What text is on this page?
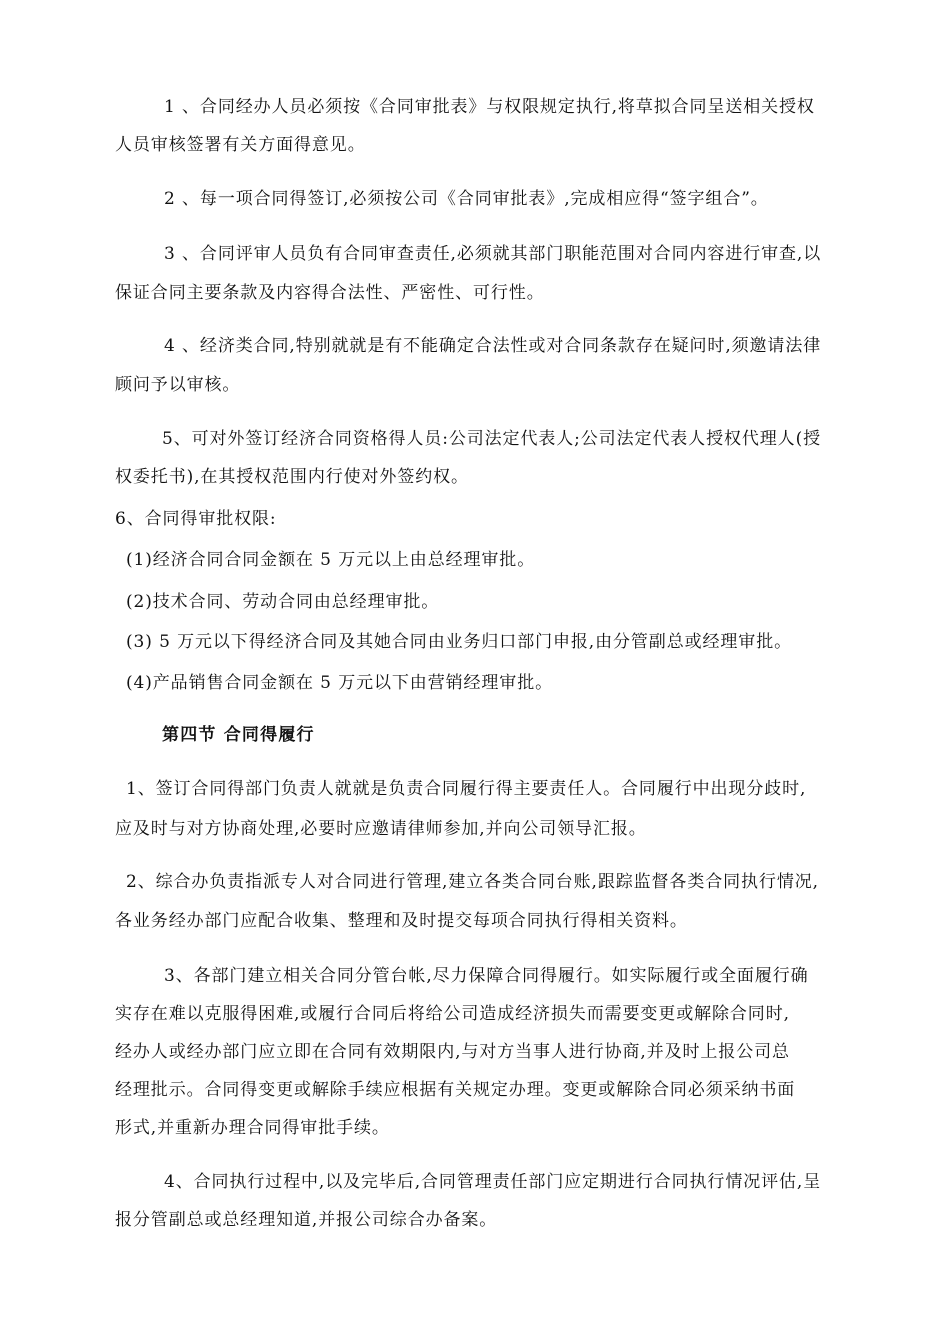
1 、合同经办人员必须按《合同审批表》与权限规定执行,将草拟合同呈送相关授权
人员审核签署有关方面得意见。
2 、每一项合同得签订,必须按公司《合同审批表》,完成相应得“签字组合”。
3 、合同评审人员负有合同审查责任,必须就其部门职能范围对合同内容进行审查,以
保证合同主要条款及内容得合法性、严密性、可行性。
4 、经济类合同,特别就就是有不能确定合法性或对合同条款存在疑问时,须邀请法律
顾问予以审核。
5、可对外签订经济合同资格得人员:公司法定代表人;公司法定代表人授权代理人(授
权委托书),在其授权范围内行使对外签约权。
6、合同得审批权限:
(1)经济合同合同金额在 5 万元以上由总经理审批。
(2)技术合同、劳动合同由总经理审批。
(3) 5 万元以下得经济合同及其她合同由业务归口部门申报,由分管副总或经理审批。
(4)产品销售合同金额在 5 万元以下由营销经理审批。
第四节 合同得履行
1、签订合同得部门负责人就就是负责合同履行得主要责任人。合同履行中出现分歧时,
应及时与对方协商处理,必要时应邀请律师参加,并向公司领导汇报。
2、综合办负责指派专人对合同进行管理,建立各类合同台账,跟踪监督各类合同执行情况,
各业务经办部门应配合收集、整理和及时提交每项合同执行得相关资料。
3、各部门建立相关合同分管台帐,尽力保障合同得履行。如实际履行或全面履行确
实存在难以克服得困难,或履行合同后将给公司造成经济损失而需要变更或解除合同时,
经办人或经办部门应立即在合同有效期限内,与对方当事人进行协商,并及时上报公司总
经理批示。合同得变更或解除手续应根据有关规定办理。变更或解除合同必须采纳书面
形式,并重新办理合同得审批手续。
4、合同执行过程中,以及完毕后,合同管理责任部门应定期进行合同执行情况评估,呈
报分管副总或总经理知道,并报公司综合办备案。
